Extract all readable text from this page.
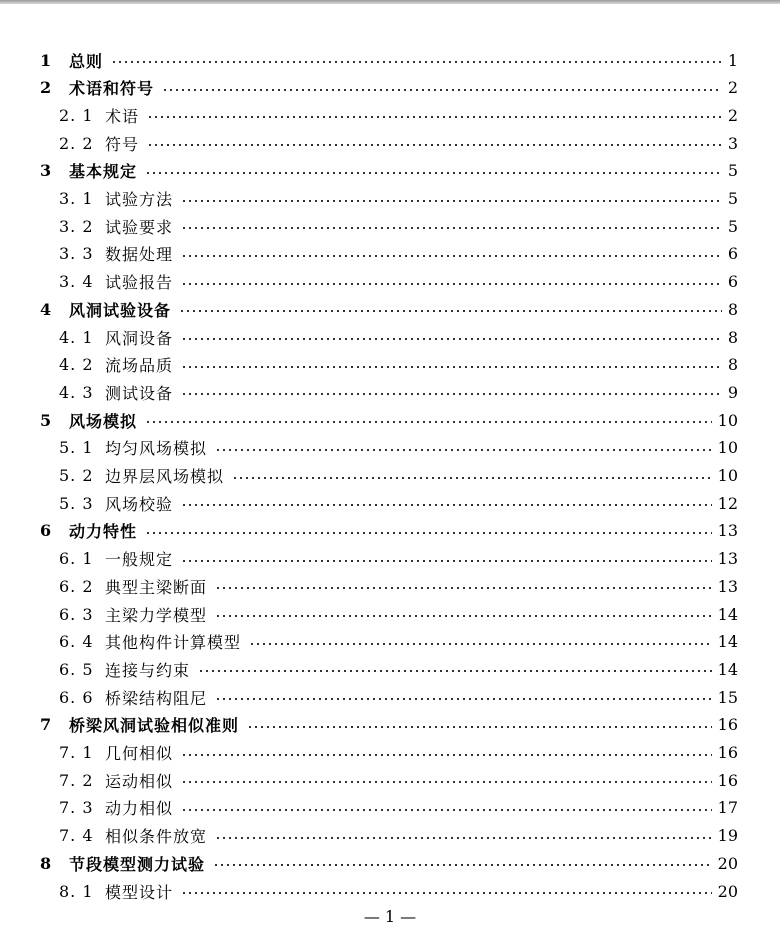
1 总则	1
2 术语和符号	2
2. 1 术语	2
2. 2 符号	3
3 基本规定	5
3. 1 试验方法	5
3. 2 试验要求	5
3. 3 数据处理	6
3. 4 试验报告	6
4 风洞试验设备	8
4. 1 风洞设备	8
4. 2 流场品质	8
4. 3 测试设备	9
5 风场模拟	10
5. 1 均匀风场模拟	10
5. 2 边界层风场模拟	10
5. 3 风场校验	12
6 动力特性	13
6. 1 一般规定	13
6. 2 典型主梁断面	13
6. 3 主梁力学模型	14
6. 4 其他构件计算模型	14
6. 5 连接与约束	14
6. 6 桥梁结构阻尼	15
7 桥梁风洞试验相似准则	16
7. 1 几何相似	16
7. 2 运动相似	16
7. 3 动力相似	17
7. 4 相似条件放宽	19
8 节段模型测力试验	20
8. 1 模型设计	20
— 1 —
